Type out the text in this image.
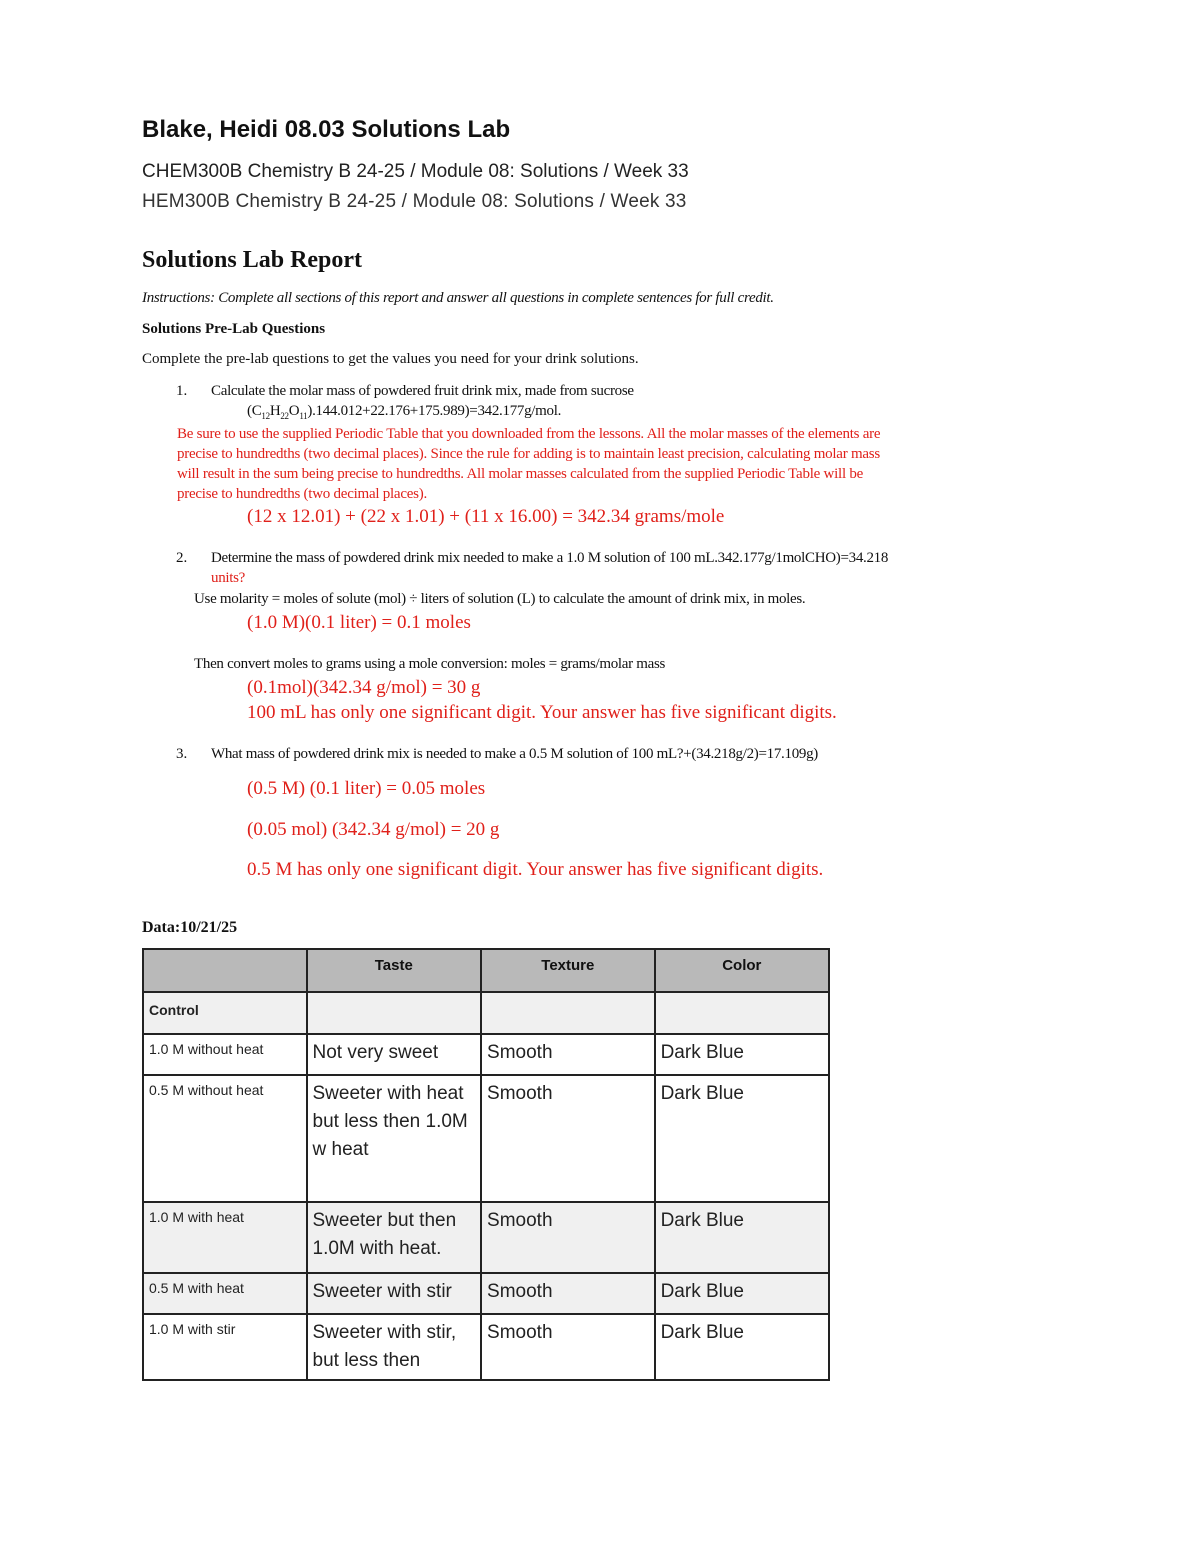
Blake, Heidi 08.03 Solutions Lab
CHEM300B Chemistry B 24-25 / Module 08: Solutions / Week 33
HEM300B Chemistry B 24-25 / Module 08: Solutions / Week 33
Solutions Lab Report
Instructions: Complete all sections of this report and answer all questions in complete sentences for full credit.
Solutions Pre-Lab Questions
Complete the pre-lab questions to get the values you need for your drink solutions.
1. Calculate the molar mass of powdered fruit drink mix, made from sucrose
$(C_{12}H_{22}O_{11}).144.012+22.176+175.989)=342.177g$/mol.
Be sure to use the supplied Periodic Table that you downloaded from the lessons. All the molar masses of the elements are
precise to hundredths (two decimal places). Since the rule for adding is to maintain least precision, calculating molar mass
will result in the sum being precise to hundredths. All molar masses calculated from the supplied Periodic Table will be
precise to hundredths (two decimal places).
(12 x 12.01) + (22 x 1.01) + (11 x 16.00) = 342.34 grams/mole
2. Determine the mass of powdered drink mix needed to make a 1.0 M solution of 100 mL.342.177g/1molCHO)=34.218
units?
Use molarity = moles of solute (mol) ÷ liters of solution (L) to calculate the amount of drink mix, in moles.
(1.0 M)(0.1 liter) = 0.1 moles
Then convert moles to grams using a mole conversion: moles = grams/molar mass
(0.1mol)(342.34 g/mol) = 30 g
100 mL has only one significant digit. Your answer has five significant digits.
3. What mass of powdered drink mix is needed to make a 0.5 M solution of 100 mL?+(34.218g/2)=17.109g)
(0.5 M) (0.1 liter) = 0.05 moles
(0.05 mol) (342.34 g/mol) = 20 g
0.5 M has only one significant digit. Your answer has five significant digits.
Data:10/21/25
	Taste	Texture	Color
Control			
1.0 M without heat	Not very sweet	Smooth	Dark Blue
0.5 M without heat	Sweeter with heat but less then 1.0M w heat	Smooth	Dark Blue
1.0 M with heat	Sweeter but then 1.0M with heat.	Smooth	Dark Blue
0.5 M with heat	Sweeter with stir	Smooth	Dark Blue
1.0 M with stir	Sweeter with stir, but less then	Smooth	Dark Blue
